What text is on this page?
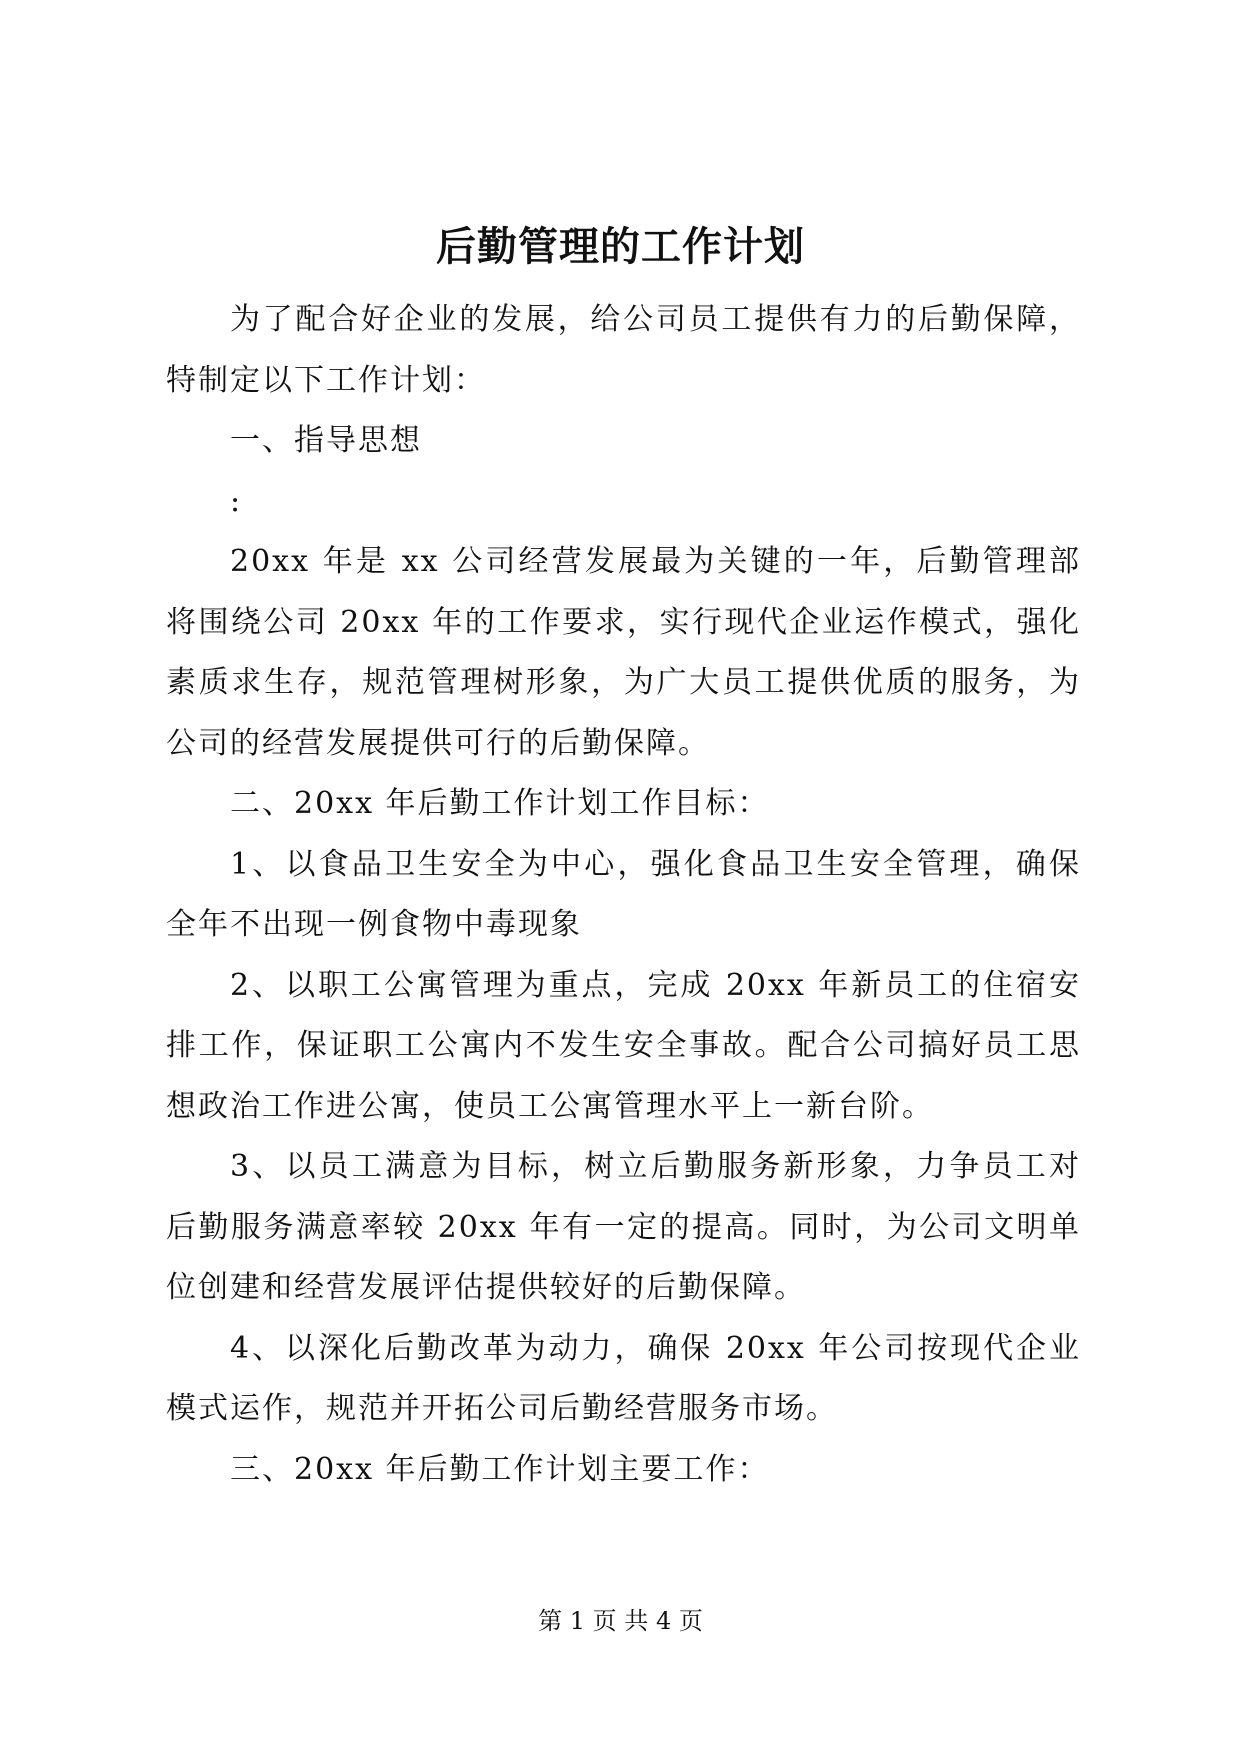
后勤管理的工作计划

为了配合好企业的发展，给公司员工提供有力的后勤保障，特制定以下工作计划：

一、指导思想

:

20xx 年是 xx 公司经营发展最为关键的一年，后勤管理部将围绕公司 20xx 年的工作要求，实行现代企业运作模式，强化素质求生存，规范管理树形象，为广大员工提供优质的服务，为公司的经营发展提供可行的后勤保障。

二、20xx 年后勤工作计划工作目标：

1、以食品卫生安全为中心，强化食品卫生安全管理，确保全年不出现一例食物中毒现象

2、以职工公寓管理为重点，完成 20xx 年新员工的住宿安排工作，保证职工公寓内不发生安全事故。配合公司搞好员工思想政治工作进公寓，使员工公寓管理水平上一新台阶。

3、以员工满意为目标，树立后勤服务新形象，力争员工对后勤服务满意率较 20xx 年有一定的提高。同时，为公司文明单位创建和经营发展评估提供较好的后勤保障。

4、以深化后勤改革为动力，确保 20xx 年公司按现代企业模式运作，规范并开拓公司后勤经营服务市场。

三、20xx 年后勤工作计划主要工作：

第 1 页 共 4 页
